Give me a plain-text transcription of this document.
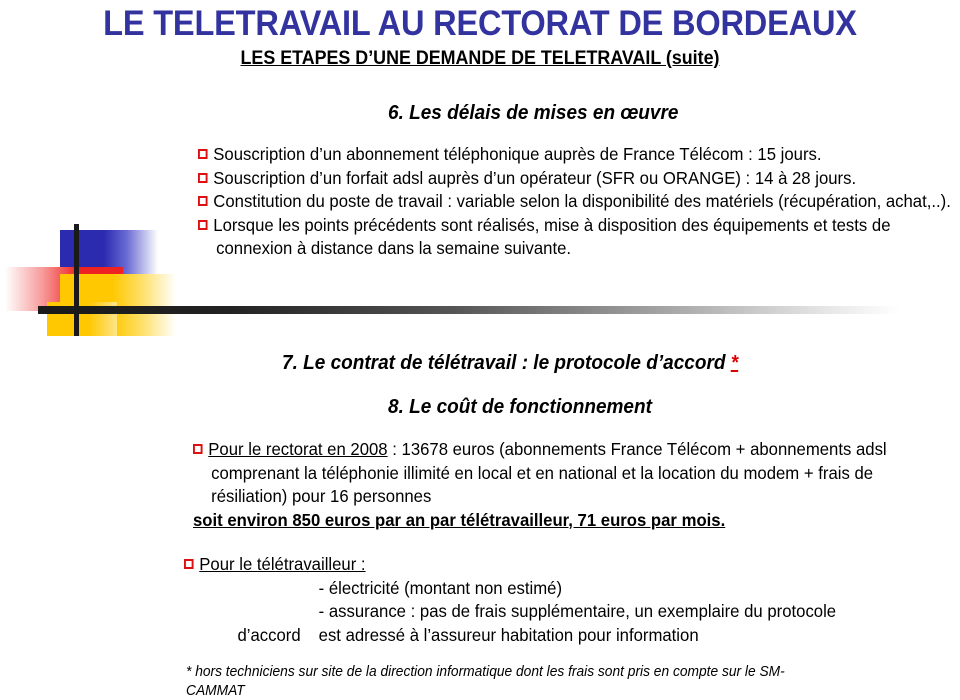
LE TELETRAVAIL AU RECTORAT DE BORDEAUX
LES ETAPES D’UNE DEMANDE DE TELETRAVAIL (suite)
6. Les délais de mises en œuvre
Souscription d’un abonnement téléphonique auprès de France Télécom : 15 jours.
Souscription d’un forfait adsl auprès d’un opérateur (SFR ou ORANGE) : 14 à 28 jours.
Constitution du poste de travail : variable selon la disponibilité des matériels (récupération, achat,..).
Lorsque les points précédents sont réalisés, mise à disposition des équipements et tests de connexion à distance dans la semaine suivante.
7. Le contrat de télétravail : le protocole d’accord *
8. Le coût de fonctionnement
Pour le rectorat en 2008 : 13678 euros (abonnements France Télécom + abonnements adsl comprenant la téléphonie illimité en local et en national et la location du modem + frais de résiliation) pour 16 personnes
soit environ 850 euros par an par télétravailleur, 71 euros par mois.
Pour le télétravailleur :
- électricité (montant non estimé)
- assurance : pas de frais supplémentaire, un exemplaire du protocole
d’accord est adressé à l’assureur habitation pour information
* hors techniciens sur site de la direction informatique dont les frais sont pris en compte sur le SM-
CAMMAT
